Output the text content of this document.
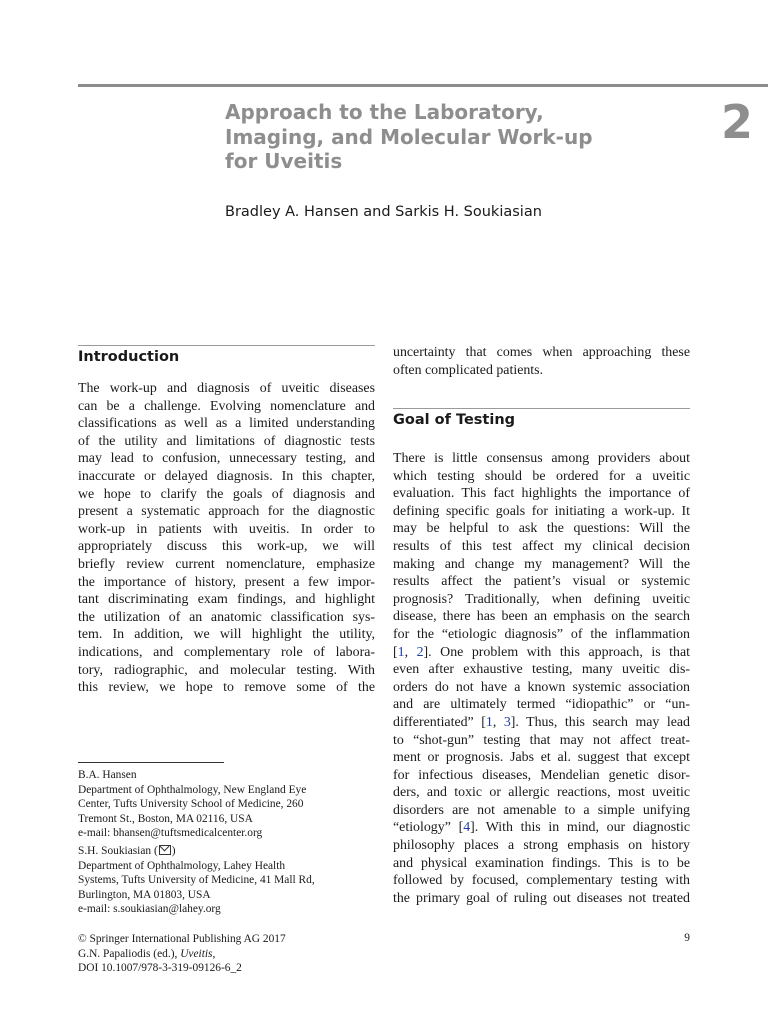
Approach to the Laboratory,
Imaging, and Molecular Work-up
for Uveitis
2
Bradley A. Hansen and Sarkis H. Soukiasian
Introduction
The work-up and diagnosis of uveitic diseases
can be a challenge. Evolving nomenclature and
classifications as well as a limited understanding
of the utility and limitations of diagnostic tests
may lead to confusion, unnecessary testing, and
inaccurate or delayed diagnosis. In this chapter,
we hope to clarify the goals of diagnosis and
present a systematic approach for the diagnostic
work-up in patients with uveitis. In order to
appropriately discuss this work-up, we will
briefly review current nomenclature, emphasize
the importance of history, present a few impor-
tant discriminating exam findings, and highlight
the utilization of an anatomic classification sys-
tem. In addition, we will highlight the utility,
indications, and complementary role of labora-
tory, radiographic, and molecular testing. With
this review, we hope to remove some of the
B.A. Hansen
Department of Ophthalmology, New England Eye
Center, Tufts University School of Medicine, 260
Tremont St., Boston, MA 02116, USA
e-mail: bhansen@tuftsmedicalcenter.org
S.H. Soukiasian ( )
Department of Ophthalmology, Lahey Health
Systems, Tufts University of Medicine, 41 Mall Rd,
Burlington, MA 01803, USA
e-mail: s.soukiasian@lahey.org
uncertainty that comes when approaching these
often complicated patients.
Goal of Testing
There is little consensus among providers about
which testing should be ordered for a uveitic
evaluation. This fact highlights the importance of
defining specific goals for initiating a work-up. It
may be helpful to ask the questions: Will the
results of this test affect my clinical decision
making and change my management? Will the
results affect the patient’s visual or systemic
prognosis? Traditionally, when defining uveitic
disease, there has been an emphasis on the search
for the “etiologic diagnosis” of the inflammation
[1, 2]. One problem with this approach, is that
even after exhaustive testing, many uveitic dis-
orders do not have a known systemic association
and are ultimately termed “idiopathic” or “un-
differentiated” [1, 3]. Thus, this search may lead
to “shot-gun” testing that may not affect treat-
ment or prognosis. Jabs et al. suggest that except
for infectious diseases, Mendelian genetic disor-
ders, and toxic or allergic reactions, most uveitic
disorders are not amenable to a simple unifying
“etiology” [4]. With this in mind, our diagnostic
philosophy places a strong emphasis on history
and physical examination findings. This is to be
followed by focused, complementary testing with
the primary goal of ruling out diseases not treated
© Springer International Publishing AG 2017
G.N. Papaliodis (ed.), Uveitis,
DOI 10.1007/978-3-319-09126-6_2
9
